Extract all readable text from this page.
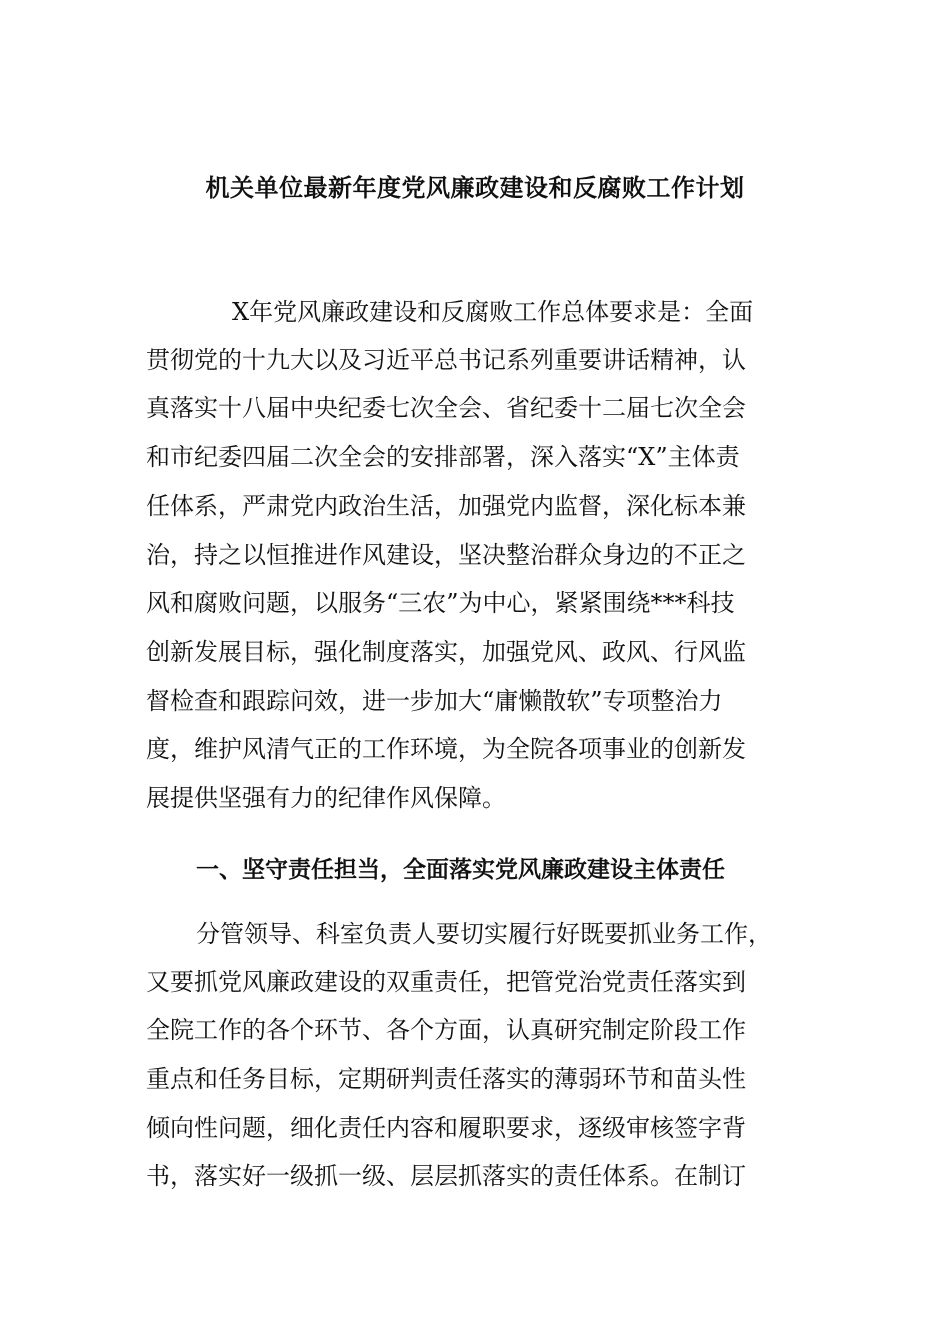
机关单位最新年度党风廉政建设和反腐败工作计划
X年党风廉政建设和反腐败工作总体要求是：全面
贯彻党的十九大以及习近平总书记系列重要讲话精神，认
真落实十八届中央纪委七次全会、省纪委十二届七次全会
和市纪委四届二次全会的安排部署，深入落实“X”主体责
任体系，严肃党内政治生活，加强党内监督，深化标本兼
治，持之以恒推进作风建设，坚决整治群众身边的不正之
风和腐败问题，以服务“三农”为中心，紧紧围绕***科技
创新发展目标，强化制度落实，加强党风、政风、行风监
督检查和跟踪问效，进一步加大“庸懒散软”专项整治力
度，维护风清气正的工作环境，为全院各项事业的创新发
展提供坚强有力的纪律作风保障。
一、坚守责任担当，全面落实党风廉政建设主体责任
分管领导、科室负责人要切实履行好既要抓业务工作，
又要抓党风廉政建设的双重责任，把管党治党责任落实到
全院工作的各个环节、各个方面，认真研究制定阶段工作
重点和任务目标，定期研判责任落实的薄弱环节和苗头性
倾向性问题，细化责任内容和履职要求，逐级审核签字背
书，落实好一级抓一级、层层抓落实的责任体系。在制订
